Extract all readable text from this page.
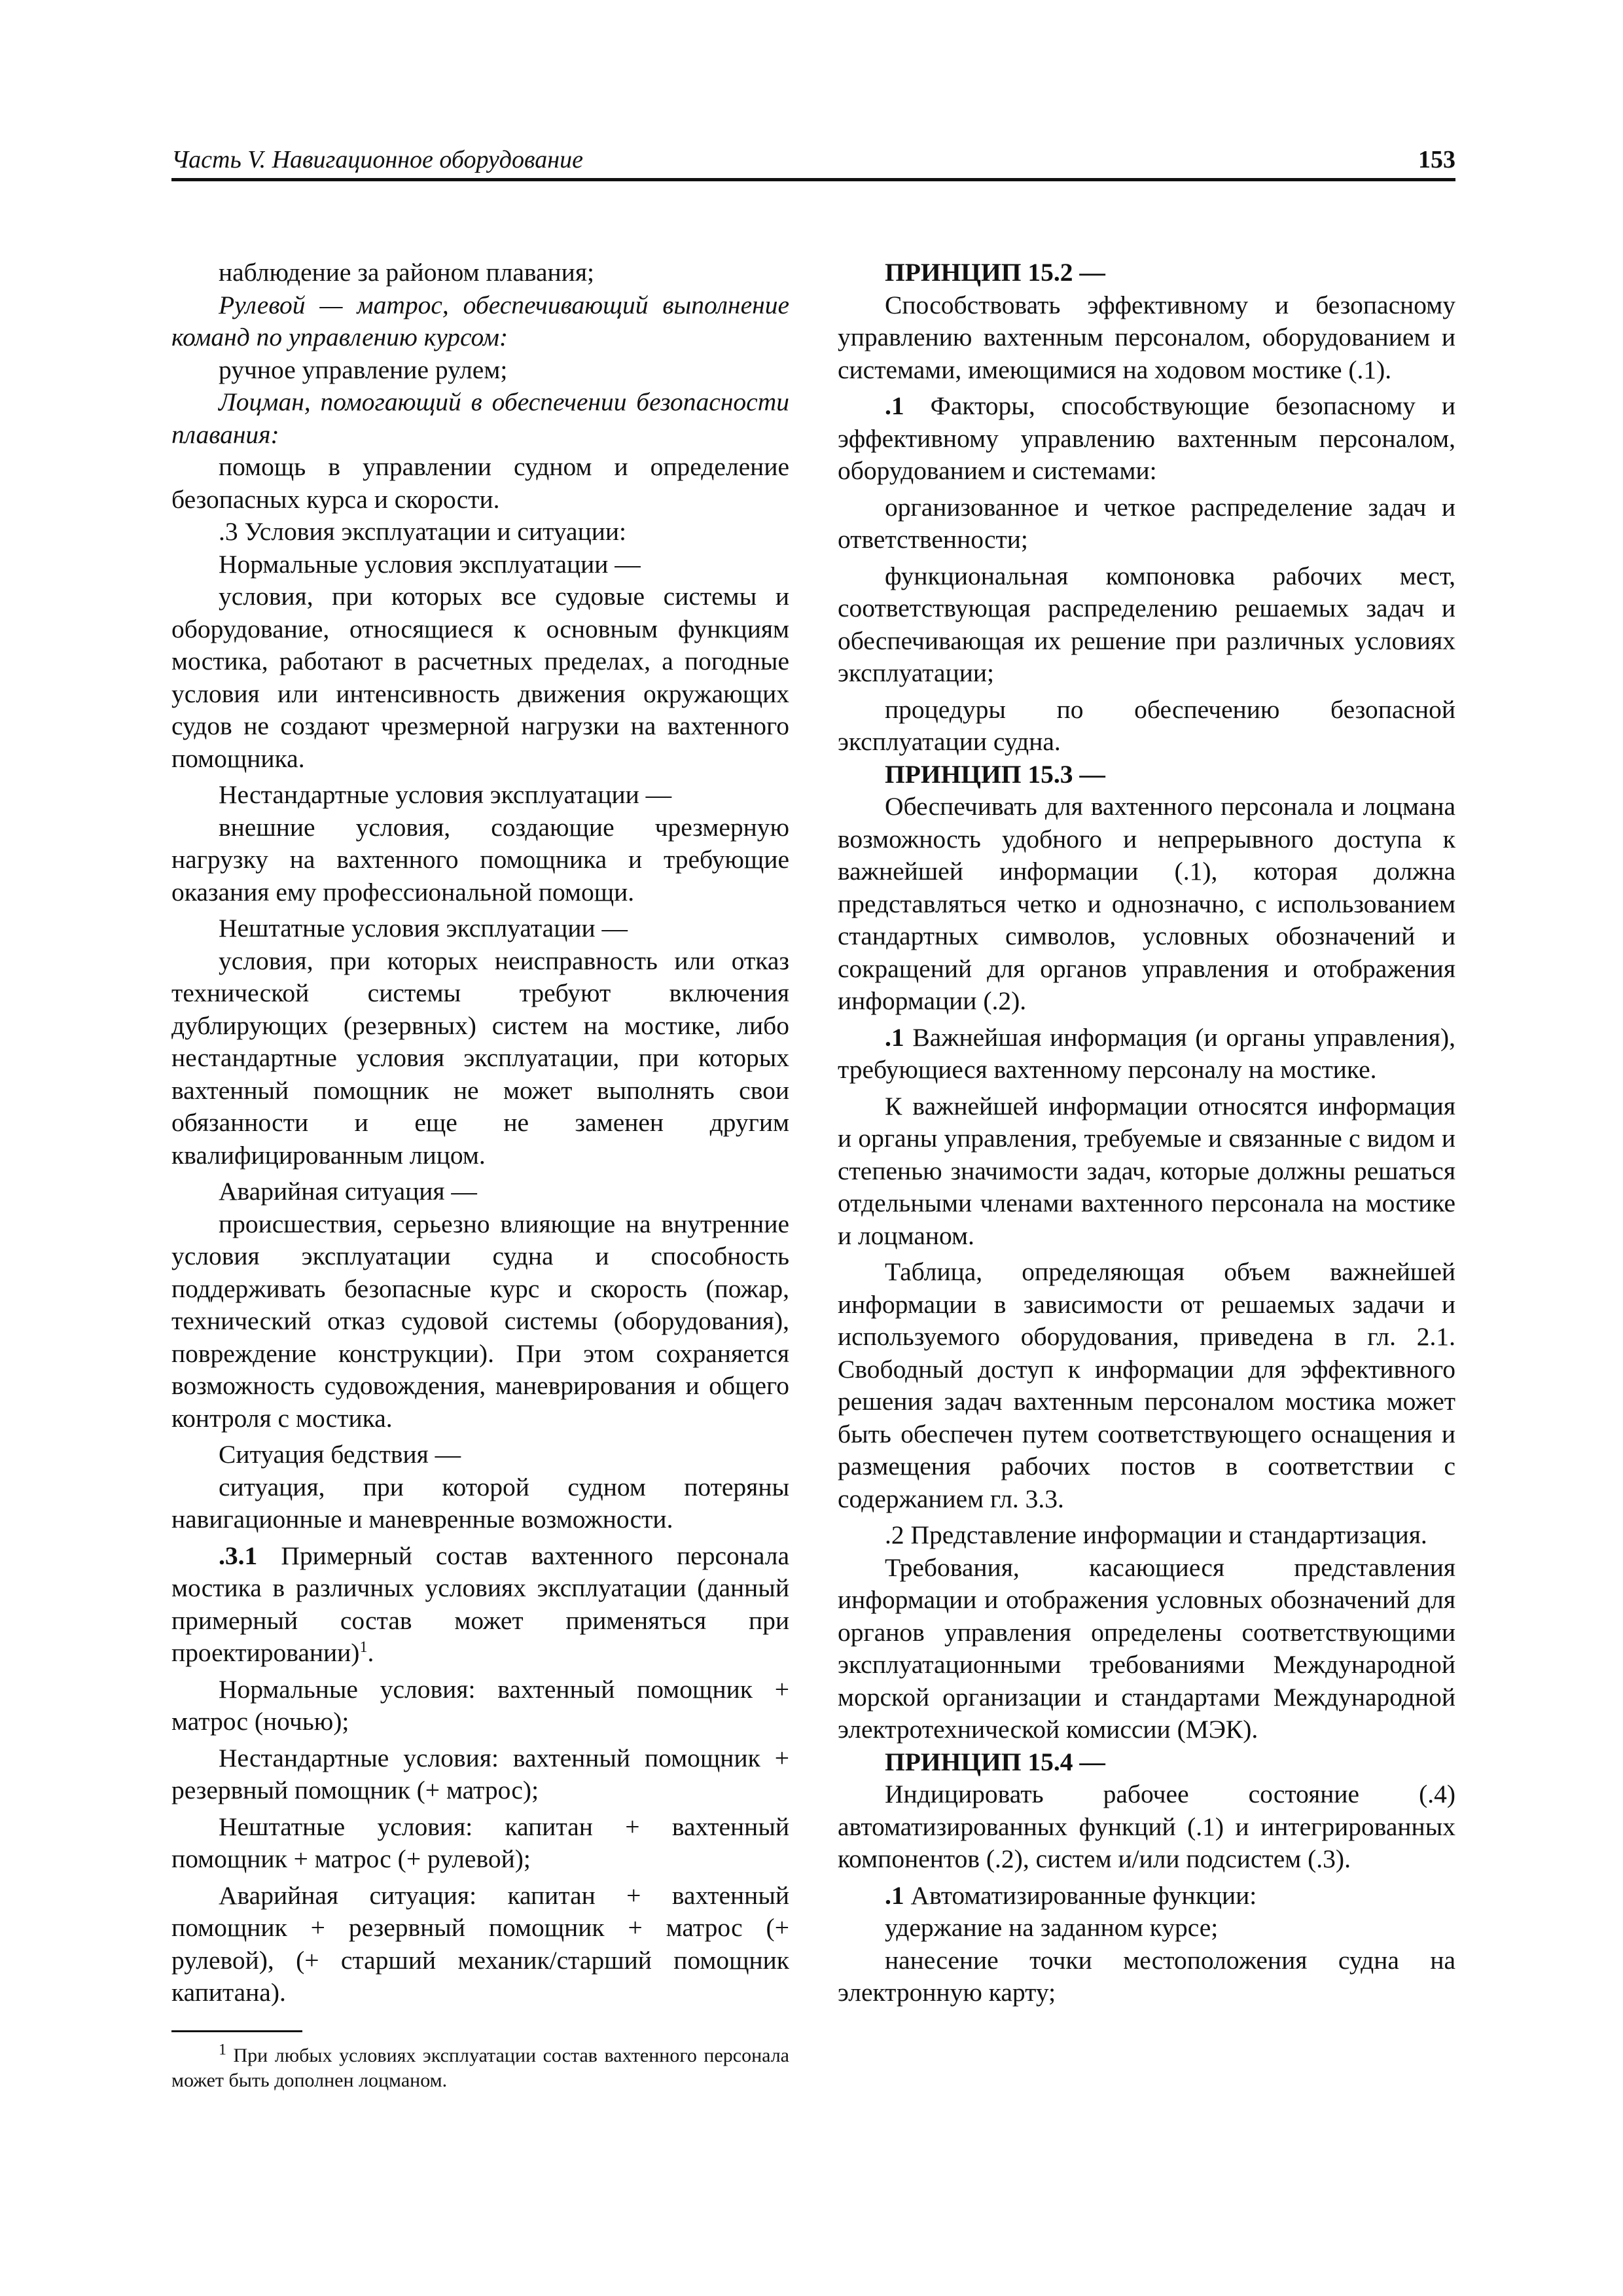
Часть V. Навигационное оборудование	153

наблюдение за районом плавания;

Рулевой — матрос, обеспечивающий выполнение команд по управлению курсом:

ручное управление рулем;

Лоцман, помогающий в обеспечении безопасности плавания:

помощь в управлении судном и определение безопасных курса и скорости.

.3 Условия эксплуатации и ситуации:

Нормальные условия эксплуатации —

условия, при которых все судовые системы и оборудование, относящиеся к основным функциям мостика, работают в расчетных пределах, а погодные условия или интенсивность движения окружающих судов не создают чрезмерной нагрузки на вахтенного помощника.

Нестандартные условия эксплуатации —

внешние условия, создающие чрезмерную нагрузку на вахтенного помощника и требующие оказания ему профессиональной помощи.

Нештатные условия эксплуатации —

условия, при которых неисправность или отказ технической системы требуют включения дублирующих (резервных) систем на мостике, либо нестандартные условия эксплуатации, при которых вахтенный помощник не может выполнять свои обязанности и еще не заменен другим квалифицированным лицом.

Аварийная ситуация —

происшествия, серьезно влияющие на внутренние условия эксплуатации судна и способность поддерживать безопасные курс и скорость (пожар, технический отказ судовой системы (оборудования), повреждение конструкции). При этом сохраняется возможность судовождения, маневрирования и общего контроля с мостика.

Ситуация бедствия —

ситуация, при которой судном потеряны навигационные и маневренные возможности.

.3.1 Примерный состав вахтенного персонала мостика в различных условиях эксплуатации (данный примерный состав может применяться при проектировании)$^1$.

Нормальные условия: вахтенный помощник + матрос (ночью);

Нестандартные условия: вахтенный помощник + резервный помощник (+ матрос);

Нештатные условия: капитан + вахтенный помощник + матрос (+ рулевой);

Аварийная ситуация: капитан + вахтенный помощник + резервный помощник + матрос (+ рулевой), (+ старший механик/старший помощник капитана).

$^1$ При любых условиях эксплуатации состав вахтенного персонала может быть дополнен лоцманом.

ПРИНЦИП 15.2 —

Способствовать эффективному и безопасному управлению вахтенным персоналом, оборудованием и системами, имеющимися на ходовом мостике (.1).

.1 Факторы, способствующие безопасному и эффективному управлению вахтенным персоналом, оборудованием и системами:

организованное и четкое распределение задач и ответственности;

функциональная компоновка рабочих мест, соответствующая распределению решаемых задач и обеспечивающая их решение при различных условиях эксплуатации;

процедуры по обеспечению безопасной эксплуатации судна.

ПРИНЦИП 15.3 —

Обеспечивать для вахтенного персонала и лоцмана возможность удобного и непрерывного доступа к важнейшей информации (.1), которая должна представляться четко и однозначно, с использованием стандартных символов, условных обозначений и сокращений для органов управления и отображения информации (.2).

.1 Важнейшая информация (и органы управления), требующиеся вахтенному персоналу на мостике.

К важнейшей информации относятся информация и органы управления, требуемые и связанные с видом и степенью значимости задач, которые должны решаться отдельными членами вахтенного персонала на мостике и лоцманом.

Таблица, определяющая объем важнейшей информации в зависимости от решаемых задачи и используемого оборудования, приведена в гл. 2.1. Свободный доступ к информации для эффективного решения задач вахтенным персоналом мостика может быть обеспечен путем соответствующего оснащения и размещения рабочих постов в соответствии с содержанием гл. 3.3.

.2 Представление информации и стандартизация.

Требования, касающиеся представления информации и отображения условных обозначений для органов управления определены соответствующими эксплуатационными требованиями Международной морской организации и стандартами Международной электротехнической комиссии (МЭК).

ПРИНЦИП 15.4 —

Индицировать рабочее состояние (.4) автоматизированных функций (.1) и интегрированных компонентов (.2), систем и/или подсистем (.3).

.1 Автоматизированные функции:

удержание на заданном курсе;

нанесение точки местоположения судна на электронную карту;
